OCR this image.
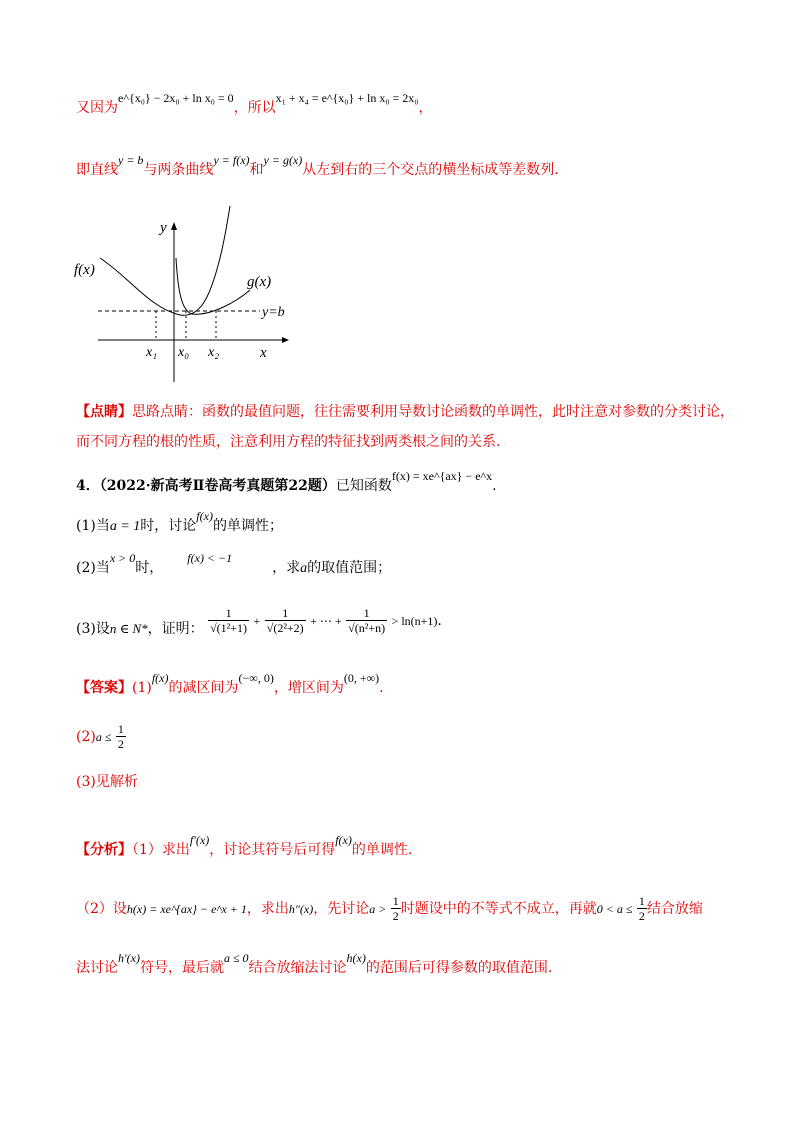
又因为e^{x₀} − 2x₀ + ln x₀ = 0，所以x₁ + x₄ = e^{x₀} + ln x₀ = 2x₀，
即直线y = b与两条曲线y = f(x)和y = g(x)从左到右的三个交点的横坐标成等差数列.
y
x
f(x)
g(x)
y=b
x₁ x₀ x₂
【点睛】思路点睛：函数的最值问题，往往需要利用导数讨论函数的单调性，此时注意对参数的分类讨论，
而不同方程的根的性质，注意利用方程的特征找到两类根之间的关系.
4．（2022·新高考Ⅱ卷高考真题第22题）已知函数f(x) = xe^{ax} − e^x.
(1)当a = 1时，讨论f(x)的单调性；
(2)当x > 0时，f(x) < −1，求a的取值范围；
(3)设n ∈ N*，证明： $\frac{1}{\text{√(1²+1)}} + \frac{1}{\text{√(2²+2)}}$ + ⋯ + $\frac{1}{\text{√(n²+n)}} > \ln(n+1)$.
【答案】(1)f(x)的减区间为(−∞, 0)，增区间为(0, +∞).
$(2)a \le \frac{1}{2}$
(3)见解析
【分析】（1）求出f′(x)，讨论其符号后可得f(x)的单调性.
（2）设h(x) = xe^{ax} − e^x + 1，求出h″(x)，先讨论$a > \frac{1}{2}$ 时题设中的不等式不成立，再就$0 < a \le \frac{1}{2}$ 结合放缩
法讨论h′(x)符号，最后就a ≤ 0结合放缩法讨论h(x)的范围后可得参数的取值范围.
